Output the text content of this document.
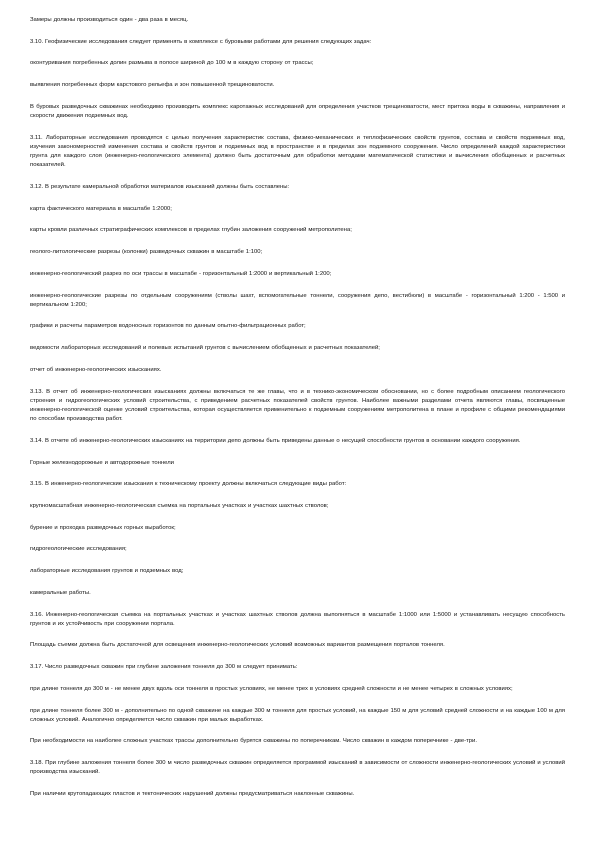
Замеры должны производиться один - два раза в месяц.

3.10. Геофизические исследования следует применять в комплексе с буровыми работами для решения следующих задач:

оконтуривания погребенных долин размыва в полосе шириной до 100 м в каждую сторону от трассы;

выявления погребенных форм карстового рельефа и зон повышенной трещиноватости.

В буровых разведочных скважинах необходимо производить комплекс каротажных исследований для определения участков трещиноватости, мест притока воды в скважины, направления и скорости движения подземных вод.

3.11. Лабораторные исследования проводятся с целью получения характеристик состава, физико-механических и теплофизических свойств грунтов, состава и свойств подземных вод, изучения закономерностей изменения состава и свойств грунтов и подземных вод в пространстве и в пределах зон подземного сооружения. Число определений каждой характеристики грунта для каждого слоя (инженерно-геологического элемента) должно быть достаточным для обработки методами математической статистики и вычисления обобщенных и расчетных показателей.

3.12. В результате камеральной обработки материалов изысканий должны быть составлены:

карта фактического материала в масштабе 1:2000;

карты кровли различных стратиграфических комплексов в пределах глубин заложения сооружений метрополитена;

геолого-литологические разрезы (колонки) разведочных скважин в масштабе 1:100;

инженерно-геологический разрез по оси трассы в масштабе - горизонтальный 1:2000 и вертикальный 1:200;

инженерно-геологические разрезы по отдельным сооружениям (стволы шахт, вспомогательные тоннели, сооружения депо, вестибюли) в масштабе - горизонтальный 1:200 - 1:500 и вертикальном 1:200;

графики и расчеты параметров водоносных горизонтов по данным опытно-фильтрационных работ;

ведомости лабораторных исследований и полевых испытаний грунтов с вычислением обобщенных и расчетных показателей;

отчет об инженерно-геологических изысканиях.

3.13. В отчет об инженерно-геологических изысканиях должны включаться те же главы, что и в технико-экономическом обосновании, но с более подробным описанием геологического строения и гидрогеологических условий строительства, с приведением расчетных показателей свойств грунтов. Наиболее важными разделами отчета являются главы, посвященные инженерно-геологической оценке условий строительства, которая осуществляется применительно к подземным сооружениям метрополитена в плане и профиле с общими рекомендациями по способам производства работ.

3.14. В отчете об инженерно-геологических изысканиях на территории депо должны быть приведены данные о несущей способности грунтов в основании каждого сооружения.

Горные железнодорожные и автодорожные тоннели

3.15. В инженерно-геологические изыскания к техническому проекту должны включаться следующие виды работ:

крупномасштабная инженерно-геологическая съемка на портальных участках и участках шахтных стволов;

бурение и проходка разведочных горных выработок;

гидрогеологические исследования;

лабораторные исследования грунтов и подземных вод;

камеральные работы.

3.16. Инженерно-геологическая съемка на портальных участках и участках шахтных стволов должна выполняться в масштабе 1:1000 или 1:5000 и устанавливать несущую способность грунтов и их устойчивость при сооружении портала.

Площадь съемки должна быть достаточной для освещения инженерно-геологических условий возможных вариантов размещения порталов тоннеля.

3.17. Число разведочных скважин при глубине заложения тоннеля до 300 м следует принимать:

при длине тоннеля до 300 м - не менее двух вдоль оси тоннеля в простых условиях, не менее трех в условиях средней сложности и не менее четырех в сложных условиях;

при длине тоннеля более 300 м - дополнительно по одной скважине на каждые 300 м тоннеля для простых условий, на каждые 150 м для условий средней сложности и на каждые 100 м для сложных условий. Аналогично определяется число скважин при малых выработках.

При необходимости на наиболее сложных участках трассы дополнительно бурятся скважины по поперечникам. Число скважин в каждом поперечнике - две-три.

3.18. При глубине заложения тоннеля более 300 м число разведочных скважин определяется программой изысканий в зависимости от сложности инженерно-геологических условий и условий производства изысканий.

При наличии крутопадающих пластов и тектонических нарушений должны предусматриваться наклонные скважины.
